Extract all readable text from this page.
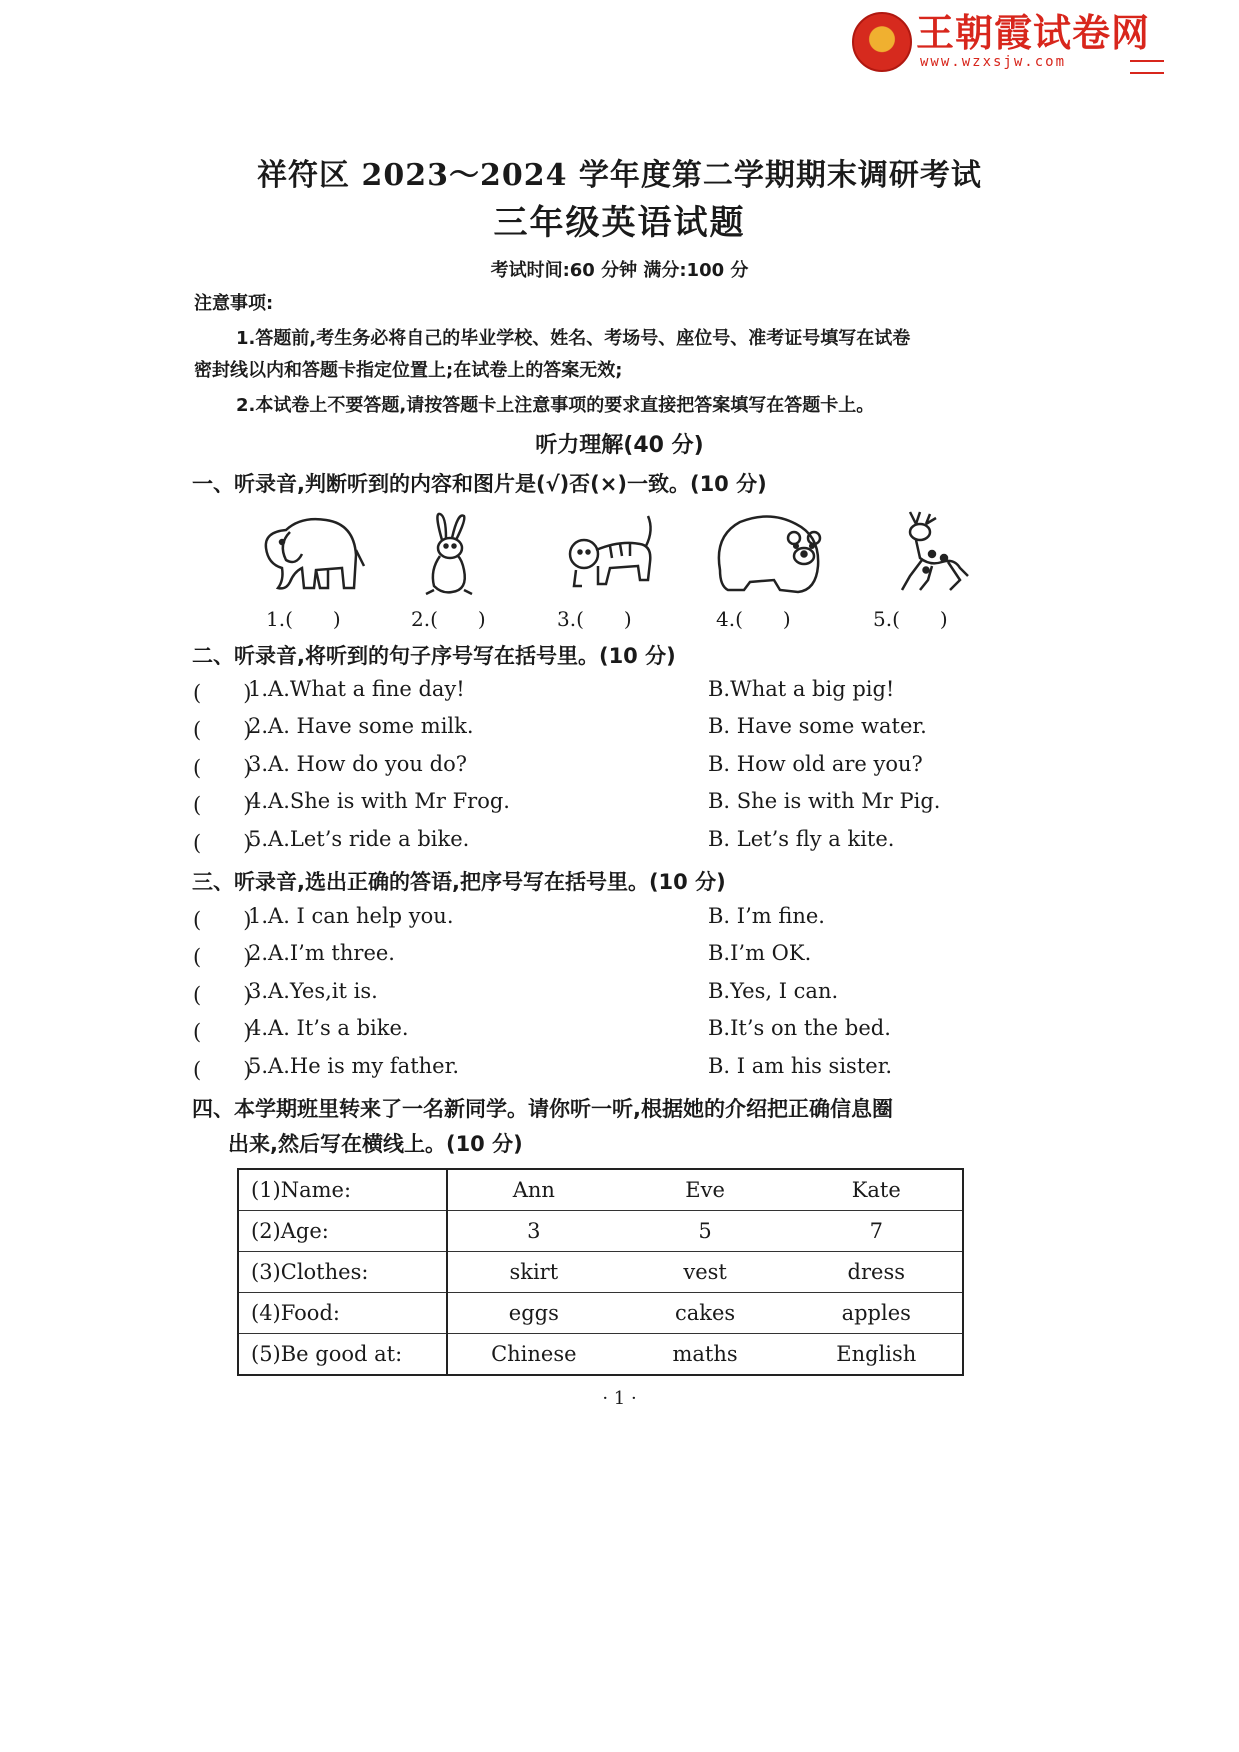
王朝霞试卷网
www.wzxsjw.com
祥符区 2023～2024 学年度第二学期期末调研考试
三年级英语试题
考试时间:60 分钟 满分:100 分
注意事项:
1.答题前,考生务必将自己的毕业学校、姓名、考场号、座位号、准考证号填写在试卷
密封线以内和答题卡指定位置上;在试卷上的答案无效;
2.本试卷上不要答题,请按答题卡上注意事项的要求直接把答案填写在答题卡上。
听力理解(40 分)
一、听录音,判断听到的内容和图片是(√)否(×)一致。(10 分)
1.(　　)	2.(　　)	3.(　　)	4.(　　)	5.(　　)
二、听录音,将听到的句子序号写在括号里。(10 分)
(　　)
1.A.What a fine day!	B.What a big pig!
(　　)
2.A. Have some milk.	B. Have some water.
(　　)
3.A. How do you do?	B. How old are you?
(　　)
4.A.She is with Mr Frog.	B. She is with Mr Pig.
(　　)
5.A.Let’s ride a bike.	B. Let’s fly a kite.
三、听录音,选出正确的答语,把序号写在括号里。(10 分)
(　　)
1.A. I can help you.	B. I’m fine.
(　　)
2.A.I’m three.	B.I’m OK.
(　　)
3.A.Yes,it is.	B.Yes, I can.
(　　)
4.A. It’s a bike.	B.It’s on the bed.
(　　)
5.A.He is my father.	B. I am his sister.
四、本学期班里转来了一名新同学。请你听一听,根据她的介绍把正确信息圈
出来,然后写在横线上。(10 分)
(1)Name:	Ann	Eve	Kate
(2)Age:	3	5	7
(3)Clothes:	skirt	vest	dress
(4)Food:	eggs	cakes	apples
(5)Be good at:	Chinese	maths	English
· 1 ·
